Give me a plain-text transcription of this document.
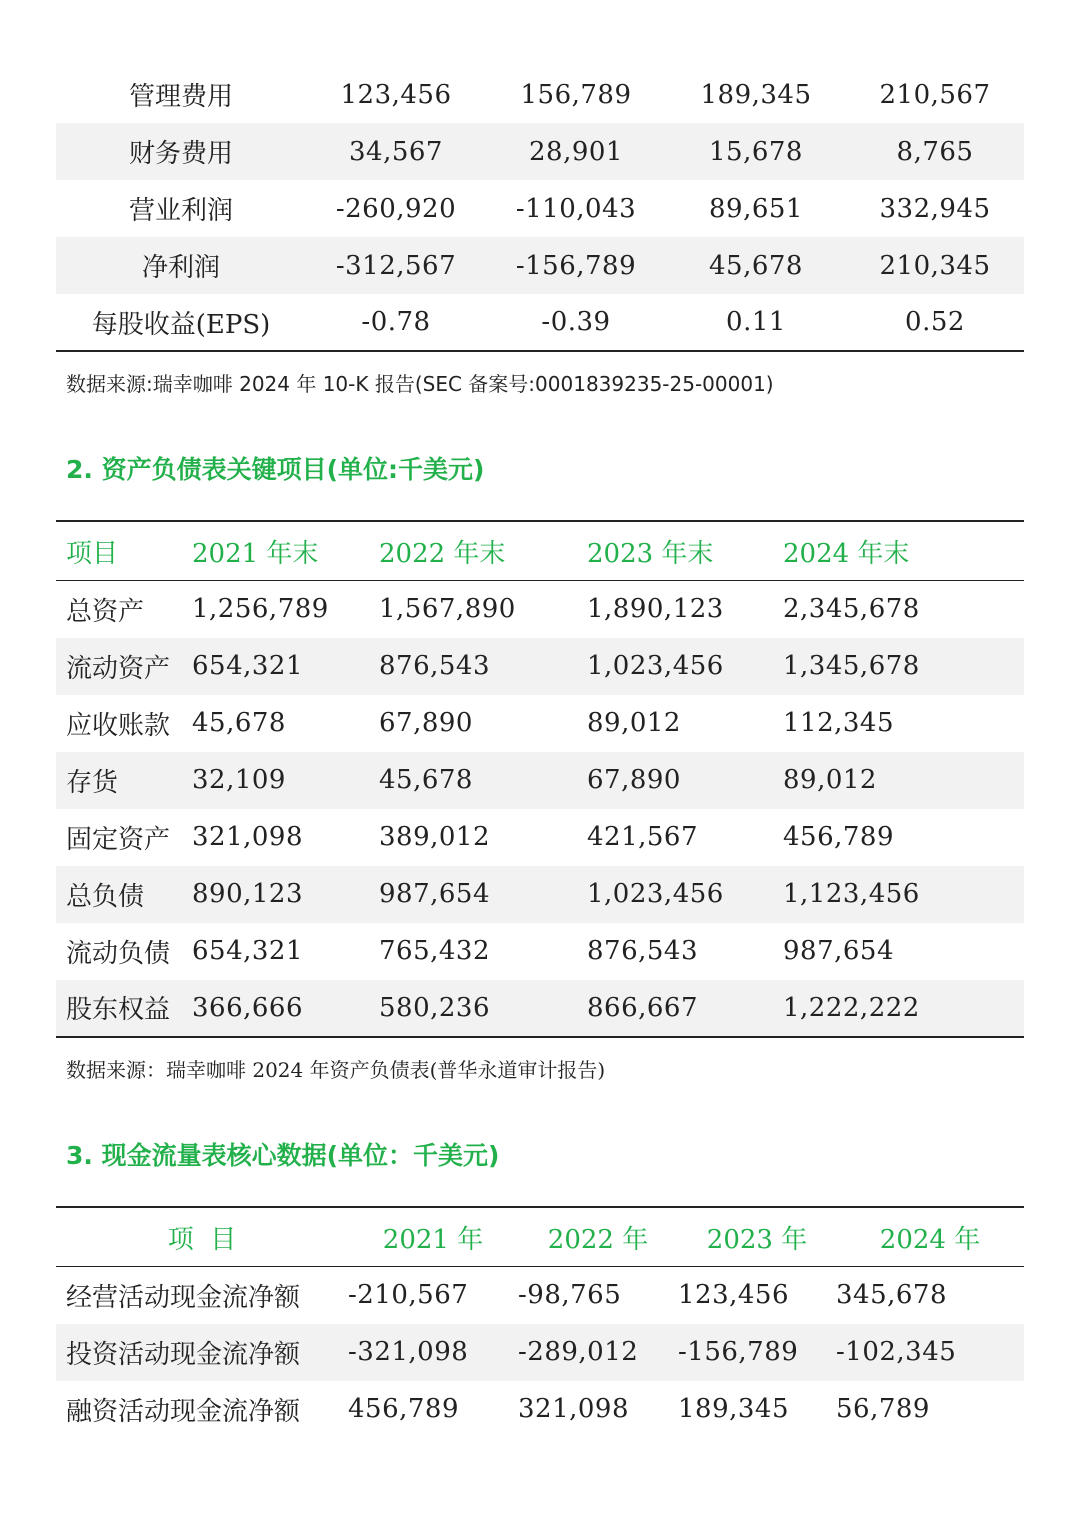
管理费用	123,456	156,789	189,345	210,567
财务费用	34,567	28,901	15,678	8,765
营业利润	-260,920	-110,043	89,651	332,945
净利润	-312,567	-156,789	45,678	210,345
每股收益(EPS)	-0.78	-0.39	0.11	0.52
数据来源:瑞幸咖啡 2024 年 10-K 报告(SEC 备案号:0001839235-25-00001)
2. 资产负债表关键项目(单位:千美元)
项目	2021 年末	2022 年末	2023 年末	2024 年末
总资产	1,256,789	1,567,890	1,890,123	2,345,678
流动资产	654,321	876,543	1,023,456	1,345,678
应收账款	45,678	67,890	89,012	112,345
存货	32,109	45,678	67,890	89,012
固定资产	321,098	389,012	421,567	456,789
总负债	890,123	987,654	1,023,456	1,123,456
流动负债	654,321	765,432	876,543	987,654
股东权益	366,666	580,236	866,667	1,222,222
数据来源：瑞幸咖啡 2024 年资产负债表(普华永道审计报告)
3. 现金流量表核心数据(单位：千美元)
项  目	2021 年	2022 年	2023 年	2024 年
经营活动现金流净额	-210,567	-98,765	123,456	345,678
投资活动现金流净额	-321,098	-289,012	-156,789	-102,345
融资活动现金流净额	456,789	321,098	189,345	56,789
